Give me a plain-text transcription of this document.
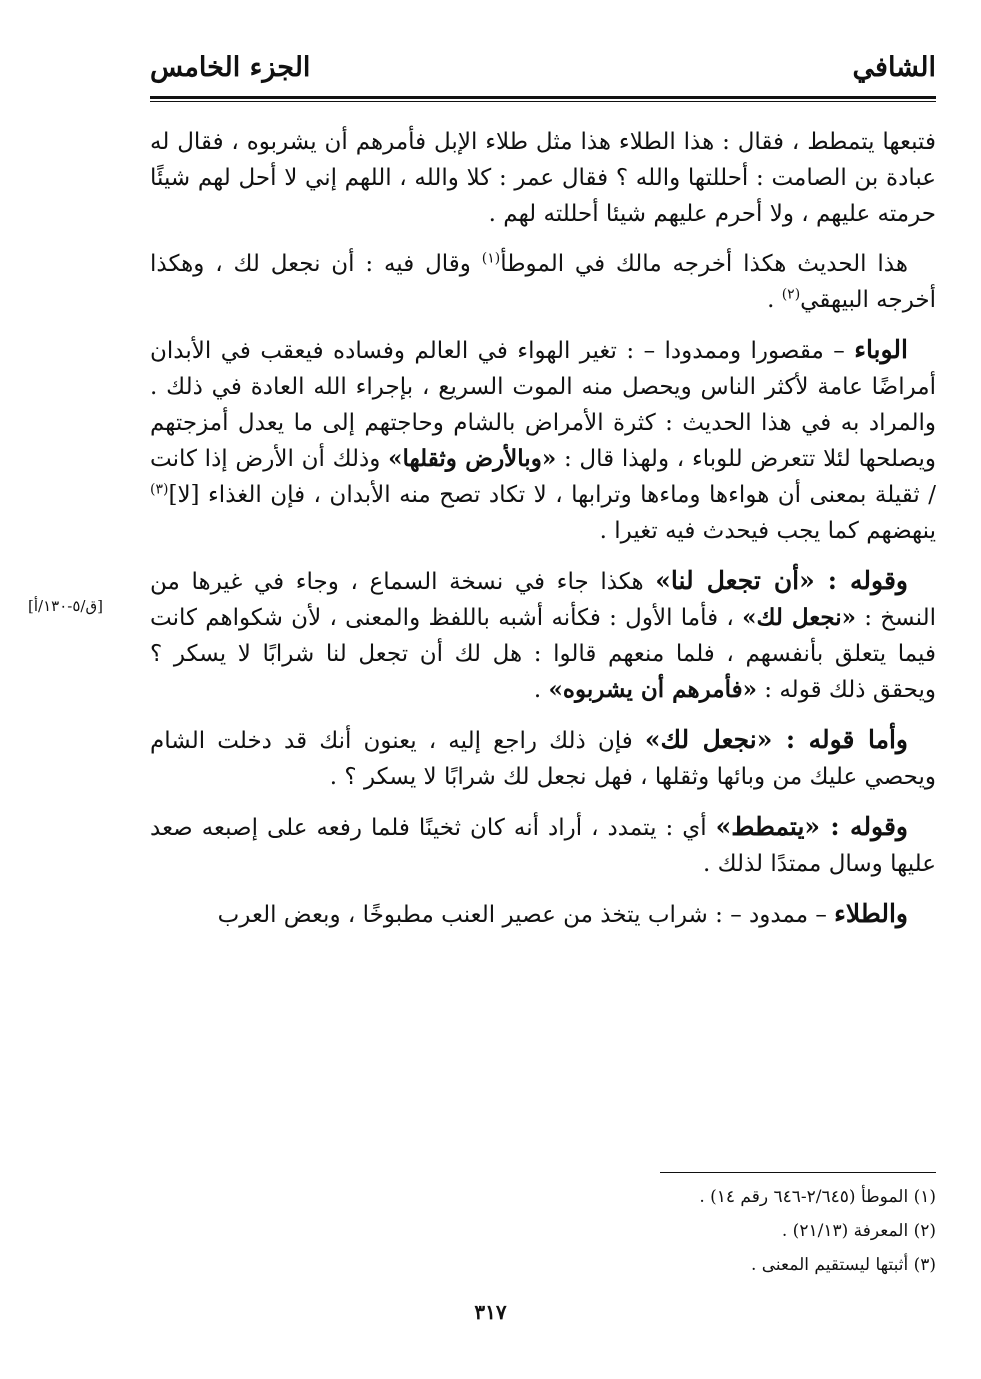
الشافي
الجزء الخامس

فتبعها يتمطط ، فقال : هذا الطلاء هذا مثل طلاء الإبل فأمرهم أن يشربوه ، فقال له عبادة بن الصامت : أحللتها والله ؟ فقال عمر : كلا والله ، اللهم إني لا أحل لهم شيئًا حرمته عليهم ، ولا أحرم عليهم شيئا أحللته لهم .

هذا الحديث هكذا أخرجه مالك في الموطأ$^{(١)}$ وقال فيه : أن نجعل لك ، وهكذا أخرجه البيهقي$^{(٢)}$ .

الوباء – مقصورا وممدودا – : تغير الهواء في العالم وفساده فيعقب في الأبدان أمراضًا عامة لأكثر الناس ويحصل منه الموت السريع ، بإجراء الله العادة في ذلك . والمراد به في هذا الحديث : كثرة الأمراض بالشام وحاجتهم إلى ما يعدل أمزجتهم ويصلحها لئلا تتعرض للوباء ، ولهذا قال : «وبالأرض وثقلها» وذلك أن الأرض إذا كانت / ثقيلة بمعنى أن هواءها وماءها وترابها ، لا تكاد تصح منه الأبدان ، فإن الغذاء [لا]$^{(٣)}$ ينهضهم كما يجب فيحدث فيه تغيرا .

وقوله : «أن تجعل لنا» هكذا جاء في نسخة السماع ، وجاء في غيرها من النسخ : «نجعل لك» ، فأما الأول : فكأنه أشبه باللفظ والمعنى ، لأن شكواهم كانت فيما يتعلق بأنفسهم ، فلما منعهم قالوا : هل لك أن تجعل لنا شرابًا لا يسكر ؟ ويحقق ذلك قوله : «فأمرهم أن يشربوه» .

وأما قوله : «نجعل لك» فإن ذلك راجع إليه ، يعنون أنك قد دخلت الشام ويحصي عليك من وبائها وثقلها ، فهل نجعل لك شرابًا لا يسكر ؟ .

وقوله : «يتمطط» أي : يتمدد ، أراد أنه كان ثخينًا فلما رفعه على إصبعه صعد عليها وسال ممتدًا لذلك .

والطلاء – ممدود – : شراب يتخذ من عصير العنب مطبوخًا ، وبعض العرب

[ق/٥-١٣٠/أ]

(١) الموطأ (٢/٦٤٥-٦٤٦ رقم ١٤) .

(٢) المعرفة (٢١/١٣) .

(٣) أثبتها ليستقيم المعنى .

٣١٧
